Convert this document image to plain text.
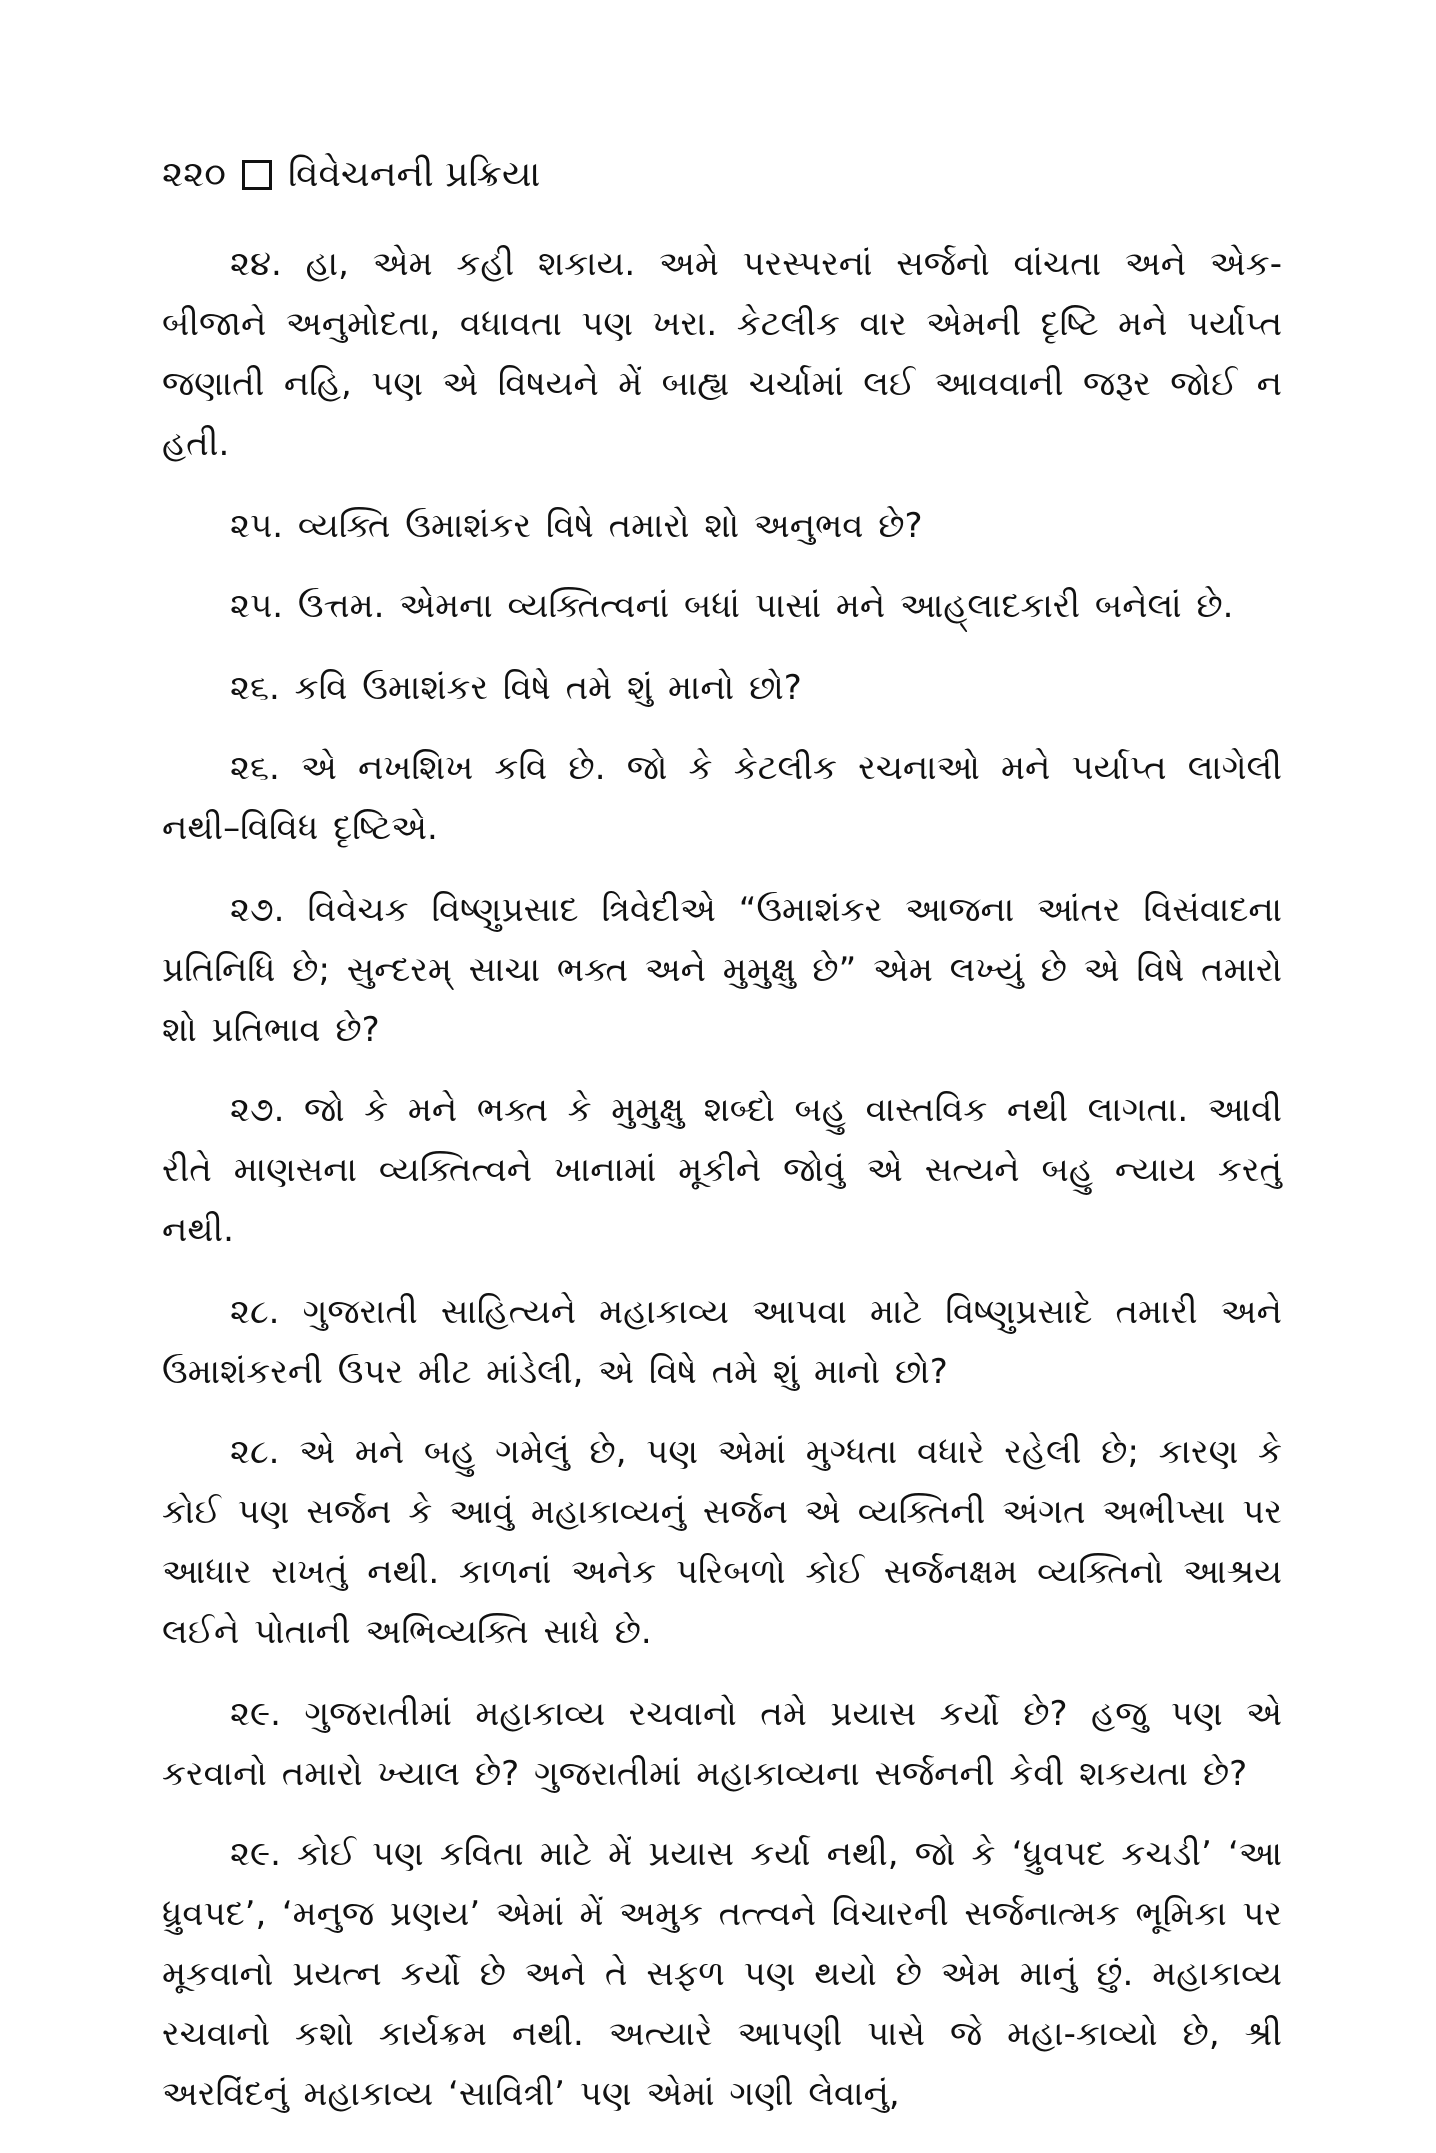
૨૨૦ વિવેચનની પ્રક્રિયા

૨૪. હા, એમ કહી શકાય. અમે પરસ્પરનાં સર્જનો વાંચતા અને એક-બીજાને અનુમોદતા, વધાવતા પણ ખરા. કેટલીક વાર એમની દૃષ્ટિ મને પર્યાપ્ત જણાતી નહિ, પણ એ વિષયને મેં બાહ્ય ચર્ચામાં લઈ આવવાની જરૂર જોઈ ન હતી.

૨૫. વ્યક્તિ ઉમાશંકર વિષે તમારો શો અનુભવ છે?

૨૫. ઉત્તમ. એમના વ્યક્તિત્વનાં બધાં પાસાં મને આહ્‌લાદકારી બનેલાં છે.

૨૬. કવિ ઉમાશંકર વિષે તમે શું માનો છો?

૨૬. એ નખશિખ કવિ છે. જો કે કેટલીક રચનાઓ મને પર્યાપ્ત લાગેલી નથી–વિવિધ દૃષ્ટિએ.

૨૭. વિવેચક વિષ્ણુપ્રસાદ ત્રિવેદીએ “ઉમાશંકર આજના આંતર વિસંવાદના પ્રતિનિધિ છે; સુન્દરમ્ સાચા ભક્ત અને મુમુક્ષુ છે” એમ લખ્યું છે એ વિષે તમારો શો પ્રતિભાવ છે?

૨૭. જો કે મને ભક્ત કે મુમુક્ષુ શબ્દો બહુ વાસ્તવિક નથી લાગતા. આવી રીતે માણસના વ્યક્તિત્વને ખાનામાં મૂકીને જોવું એ સત્યને બહુ ન્યાય કરતું નથી.

૨૮. ગુજરાતી સાહિત્યને મહાકાવ્ય આપવા માટે વિષ્ણુપ્રસાદે તમારી અને ઉમાશંકરની ઉપર મીટ માંડેલી, એ વિષે તમે શું માનો છો?

૨૮. એ મને બહુ ગમેલું છે, પણ એમાં મુગ્ધતા વધારે રહેલી છે; કારણ કે કોઈ પણ સર્જન કે આવું મહાકાવ્યનું સર્જન એ વ્યક્તિની અંગત અભીપ્સા પર આધાર રાખતું નથી. કાળનાં અનેક પરિબળો કોઈ સર્જનક્ષમ વ્યક્તિનો આશ્રય લઈને પોતાની અભિવ્યક્તિ સાધે છે.

૨૯. ગુજરાતીમાં મહાકાવ્ય રચવાનો તમે પ્રયાસ કર્યો છે? હજુ પણ એ કરવાનો તમારો ખ્યાલ છે? ગુજરાતીમાં મહાકાવ્યના સર્જનની કેવી શકયતા છે?

૨૯. કોઈ પણ કવિતા માટે મેં પ્રયાસ કર્યા નથી, જો કે ‘ધ્રુવપદ કચડી’ ‘આ ધ્રુવપદ’, ‘મનુજ પ્રણય’ એમાં મેં અમુક તત્ત્વને વિચારની સર્જનાત્મક ભૂમિકા પર મૂકવાનો પ્રયત્ન કર્યો છે અને તે સફળ પણ થયો છે એમ માનું છું. મહાકાવ્ય રચવાનો કશો કાર્યક્રમ નથી. અત્યારે આપણી પાસે જે મહા-કાવ્યો છે, શ્રી અરવિંદનું મહાકાવ્ય ‘સાવિત્રી’ પણ એમાં ગણી લેવાનું,
